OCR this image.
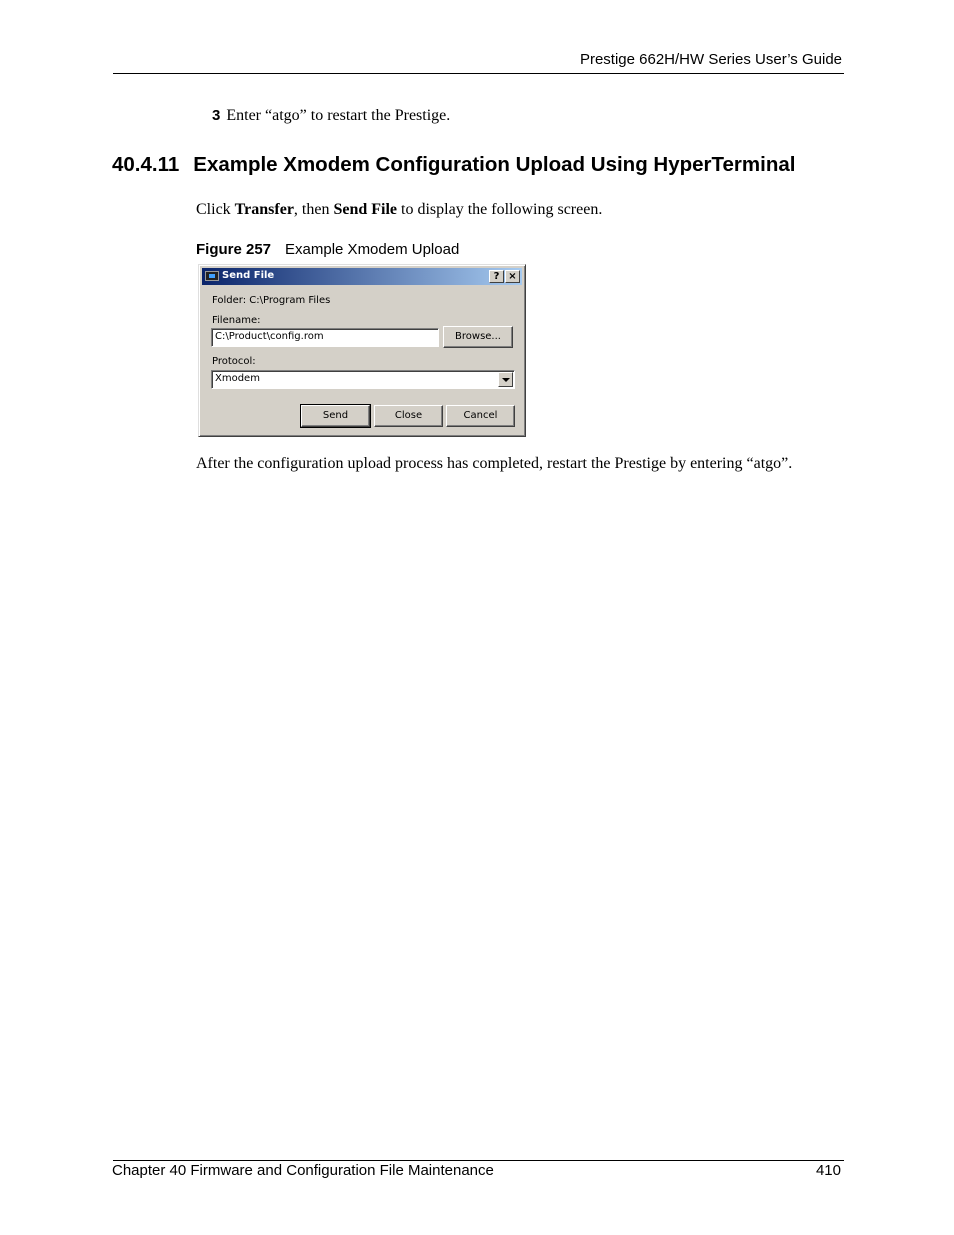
Prestige 662H/HW Series User’s Guide
3 Enter “atgo” to restart the Prestige.
40.4.11 Example Xmodem Configuration Upload Using HyperTerminal
Click Transfer, then Send File to display the following screen.
Figure 257 Example Xmodem Upload
Send File	? ×
Folder: C:\Program Files
Filename:
C:\Product\config.rom	Browse...
Protocol:
Xmodem
Send	Close	Cancel
After the configuration upload process has completed, restart the Prestige by entering “atgo”.
Chapter 40 Firmware and Configuration File Maintenance	410
